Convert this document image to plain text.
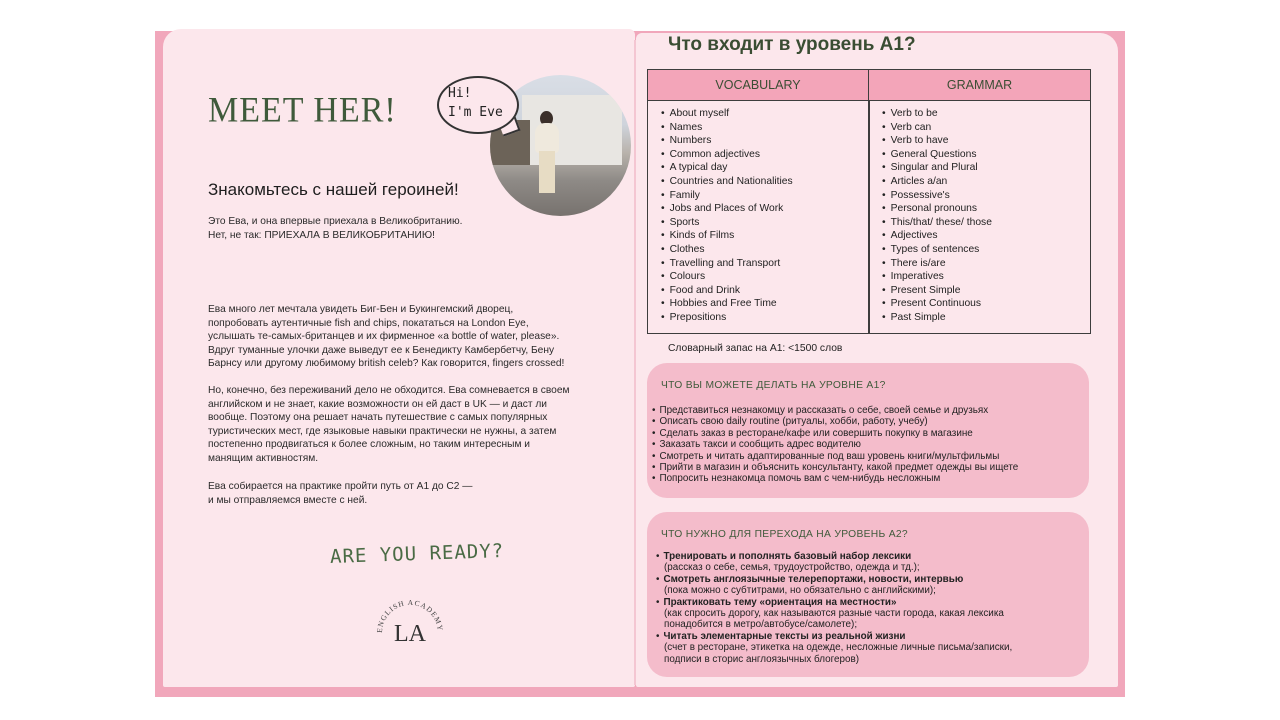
MEET HER!	Hi!
I'm Eve
Знакомьтесь с нашей героиней!
Это Ева, и она впервые приехала в Великобританию.
Нет, не так: ПРИЕХАЛА В ВЕЛИКОБРИТАНИЮ!
Ева много лет мечтала увидеть Биг-Бен и Букингемский дворец,
попробовать аутентичные fish and chips, покататься на London Eye,
услышать те-самых-британцев и их фирменное «a bottle of water, please».
Вдруг туманные улочки даже выведут ее к Бенедикту Камбербетчу, Бену
Барнсу или другому любимому british celeb? Как говорится, fingers crossed!
Но, конечно, без переживаний дело не обходится. Ева сомневается в своем
английском и не знает, какие возможности он ей даст в UK — и даст ли
вообще. Поэтому она решает начать путешествие с самых популярных
туристических мест, где языковые навыки практически не нужны, а затем
постепенно продвигаться к более сложным, но таким интересным и
манящим активностям.
Ева собирается на практике пройти путь от А1 до С2 —
и мы отправляемся вместе с ней.
ARE YOU READY?
ENGLISH ACADEMY
LA
Что входит в уровень A1?
VOCABULARY	GRAMMAR
• About myself
• Names
• Numbers
• Common adjectives
• A typical day
• Countries and Nationalities
• Family
• Jobs and Places of Work
• Sports
• Kinds of Films
• Clothes
• Travelling and Transport
• Colours
• Food and Drink
• Hobbies and Free Time
• Prepositions
• Verb to be
• Verb can
• Verb to have
• General Questions
• Singular and Plural
• Articles a/an
• Possessive's
• Personal pronouns
• This/that/ these/ those
• Adjectives
• Types of sentences
• There is/are
• Imperatives
• Present Simple
• Present Continuous
• Past Simple
Словарный запас на A1: <1500 слов
ЧТО ВЫ МОЖЕТЕ ДЕЛАТЬ НА УРОВНЕ А1?
• Представиться незнакомцу и рассказать о себе, своей семье и друзьях
• Описать свою daily routine (ритуалы, хобби, работу, учебу)
• Сделать заказ в ресторане/кафе или совершить покупку в магазине
• Заказать такси и сообщить адрес водителю
• Смотреть и читать адаптированные под ваш уровень книги/мультфильмы
• Прийти в магазин и объяснить консультанту, какой предмет одежды вы ищете
• Попросить незнакомца помочь вам с чем-нибудь несложным
ЧТО НУЖНО ДЛЯ ПЕРЕХОДА НА УРОВЕНЬ А2?
• Тренировать и пополнять базовый набор лексики
(рассказ о себе, семья, трудоустройство, одежда и тд.);
• Смотреть англоязычные телерепортажи, новости, интервью
(пока можно с субтитрами, но обязательно с английскими);
• Практиковать тему «ориентация на местности»
(как спросить дорогу, как называются разные части города, какая лексика
понадобится в метро/автобусе/самолете);
• Читать элементарные тексты из реальной жизни
(счет в ресторане, этикетка на одежде, несложные личные письма/записки,
подписи в сторис англоязычных блогеров)
